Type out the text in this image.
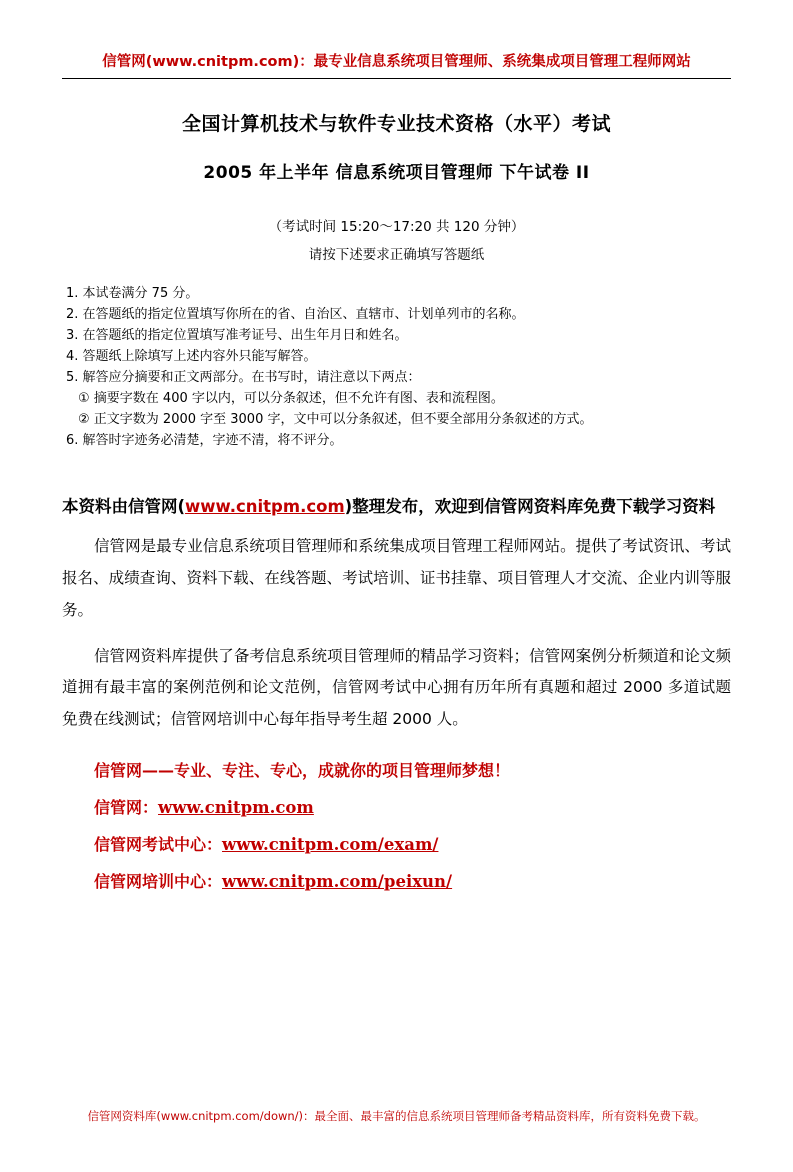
信管网(www.cnitpm.com)：最专业信息系统项目管理师、系统集成项目管理工程师网站
全国计算机技术与软件专业技术资格（水平）考试
2005 年上半年 信息系统项目管理师 下午试卷 II
（考试时间 15:20～17:20 共 120 分钟）
请按下述要求正确填写答题纸
1. 本试卷满分 75 分。
2. 在答题纸的指定位置填写你所在的省、自治区、直辖市、计划单列市的名称。
3. 在答题纸的指定位置填写准考证号、出生年月日和姓名。
4. 答题纸上除填写上述内容外只能写解答。
5. 解答应分摘要和正文两部分。在书写时，请注意以下两点：
① 摘要字数在 400 字以内，可以分条叙述，但不允许有图、表和流程图。
② 正文字数为 2000 字至 3000 字，文中可以分条叙述，但不要全部用分条叙述的方式。
6. 解答时字迹务必清楚，字迹不清，将不评分。
本资料由信管网(www.cnitpm.com)整理发布，欢迎到信管网资料库免费下载学习资料
信管网是最专业信息系统项目管理师和系统集成项目管理工程师网站。提供了考试资讯、考试报名、成绩查询、资料下载、在线答题、考试培训、证书挂靠、项目管理人才交流、企业内训等服务。
信管网资料库提供了备考信息系统项目管理师的精品学习资料；信管网案例分析频道和论文频道拥有最丰富的案例范例和论文范例，信管网考试中心拥有历年所有真题和超过 2000 多道试题免费在线测试；信管网培训中心每年指导考生超 2000 人。
信管网——专业、专注、专心，成就你的项目管理师梦想！
信管网：www.cnitpm.com
信管网考试中心：www.cnitpm.com/exam/
信管网培训中心：www.cnitpm.com/peixun/
信管网资料库(www.cnitpm.com/down/)：最全面、最丰富的信息系统项目管理师备考精品资料库，所有资料免费下载。
